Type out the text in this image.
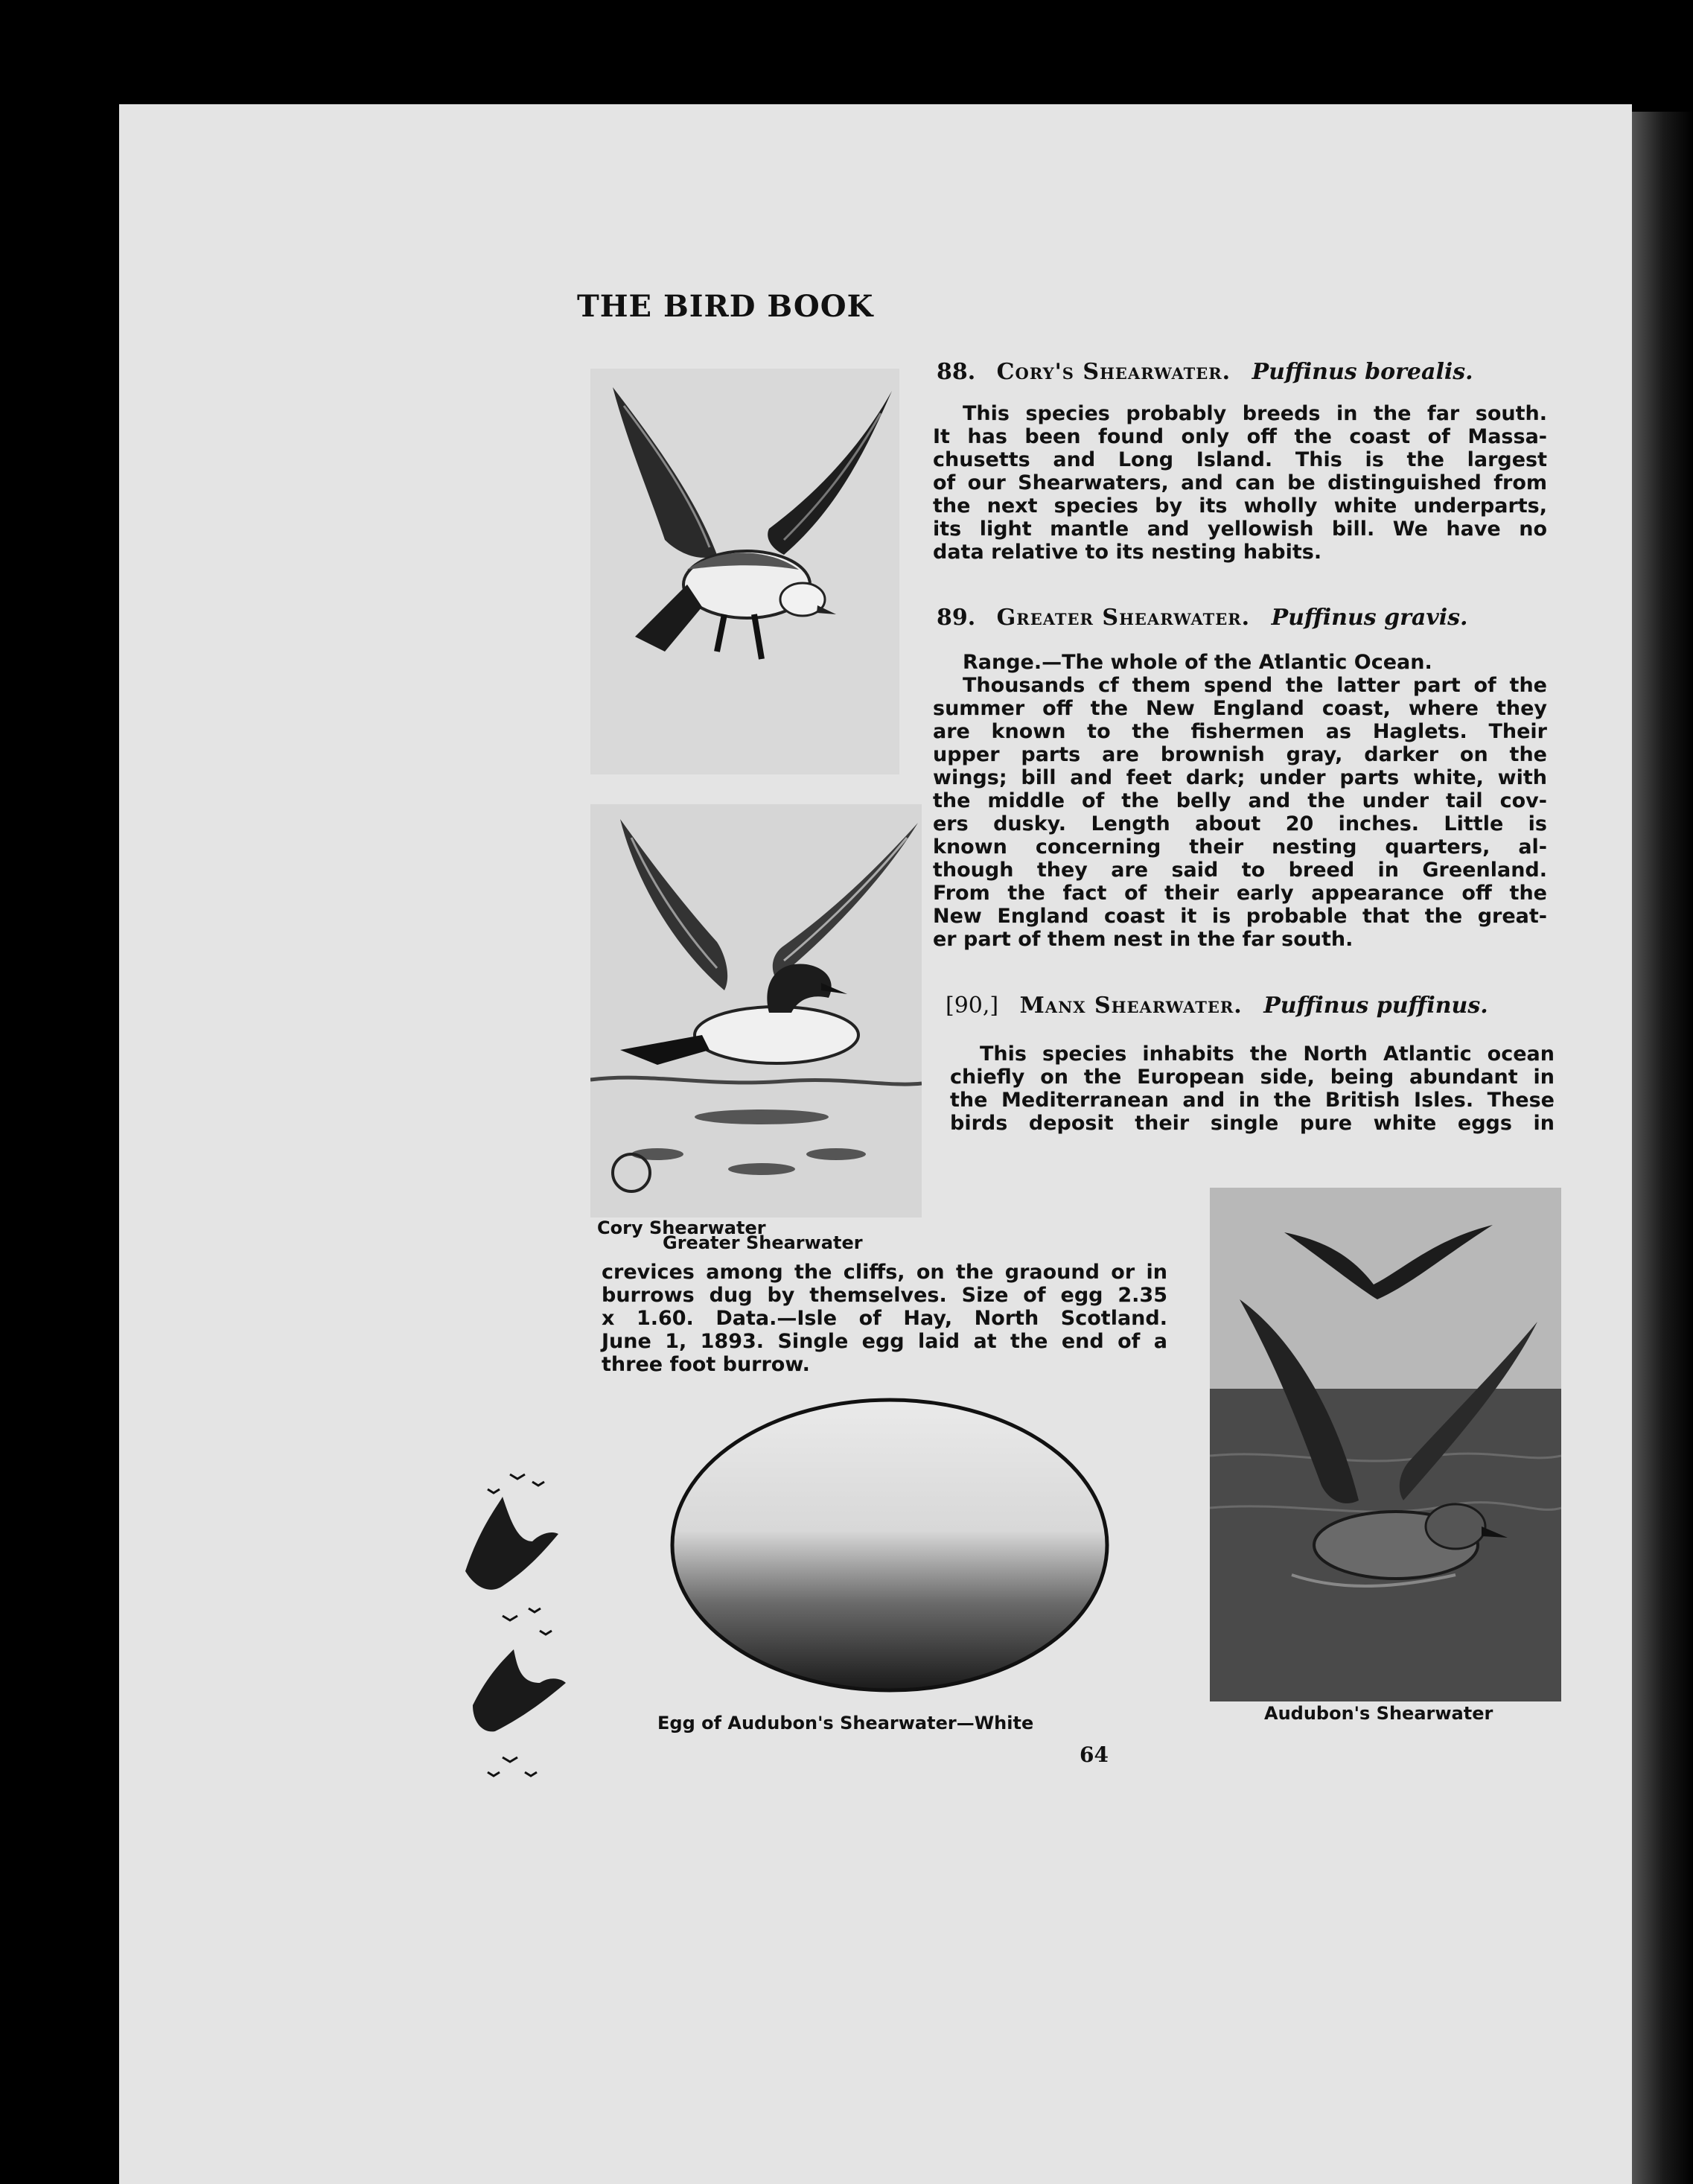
THE BIRD BOOK
88. Cory's Shearwater. Puffinus borealis.
This species probably breeds in the far south.
It has been found only off the coast of Massa-
chusetts and Long Island. This is the largest
of our Shearwaters, and can be distinguished from
the next species by its wholly white underparts,
its light mantle and yellowish bill. We have no
data relative to its nesting habits.
89. Greater Shearwater. Puffinus gravis.
Range.—The whole of the Atlantic Ocean.
Thousands cf them spend the latter part of the
summer off the New England coast, where they
are known to the fishermen as Haglets. Their
upper parts are brownish gray, darker on the
wings; bill and feet dark; under parts white, with
the middle of the belly and the under tail cov-
ers dusky. Length about 20 inches. Little is
known concerning their nesting quarters, al-
though they are said to breed in Greenland.
From the fact of their early appearance off the
New England coast it is probable that the great-
er part of them nest in the far south.
[90,] Manx Shearwater. Puffinus puffinus.
This species inhabits the North Atlantic ocean
chiefly on the European side, being abundant in
the Mediterranean and in the British Isles. These
birds deposit their single pure white eggs in
crevices among the cliffs, on the graound or in
burrows dug by themselves. Size of egg 2.35
x 1.60. Data.—Isle of Hay, North Scotland.
June 1, 1893. Single egg laid at the end of a
three foot burrow.
Cory Shearwater
Greater Shearwater
Audubon's Shearwater
Egg of Audubon's Shearwater—White
64
